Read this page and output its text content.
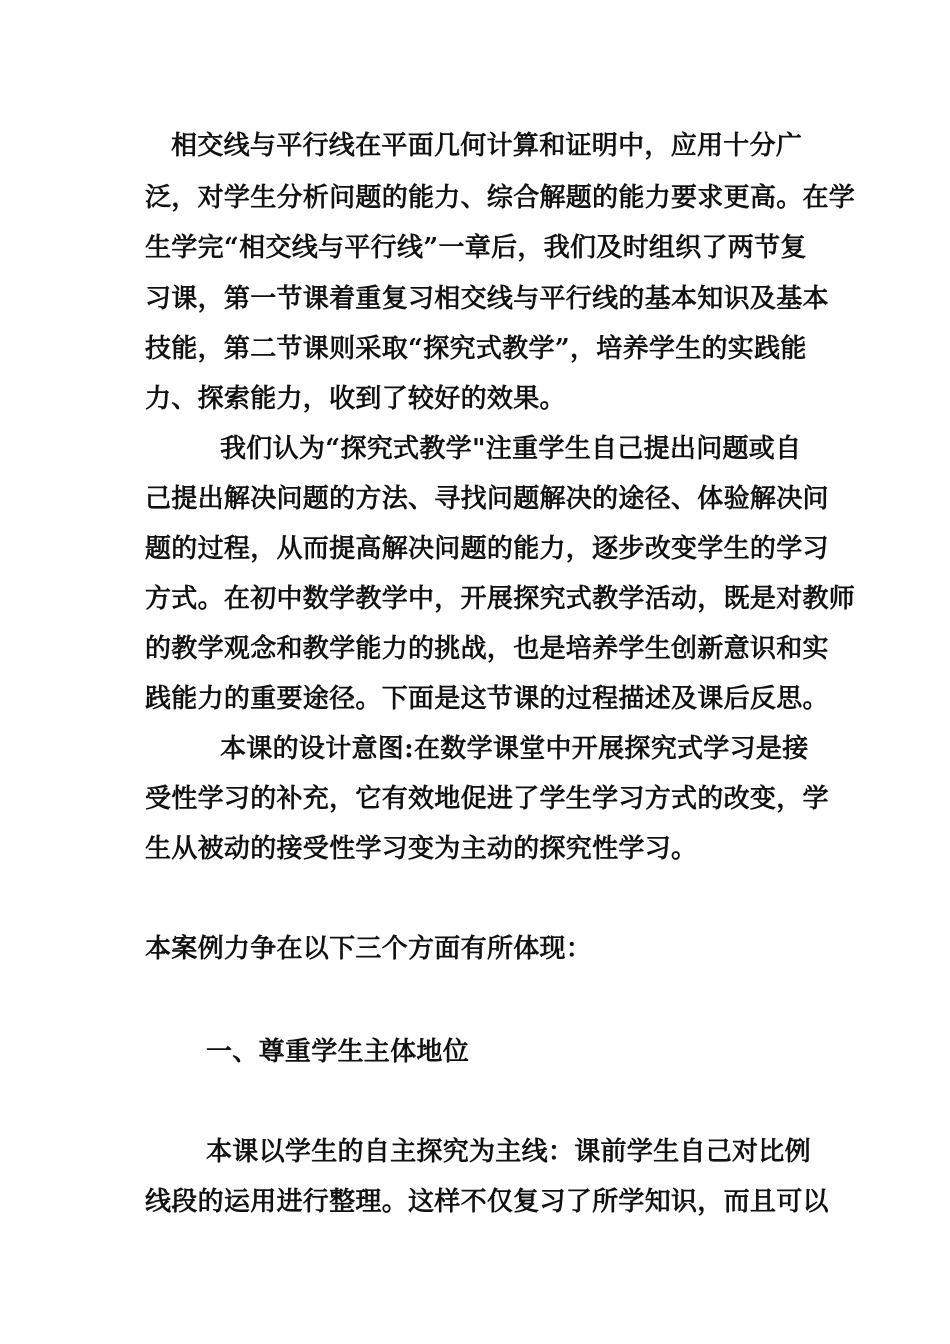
相交线与平行线在平面几何计算和证明中，应用十分广
泛，对学生分析问题的能力、综合解题的能力要求更高。在学
生学完“相交线与平行线”一章后，我们及时组织了两节复
习课，第一节课着重复习相交线与平行线的基本知识及基本
技能，第二节课则采取“探究式教学”，培养学生的实践能
力、探索能力，收到了较好的效果。
我们认为“探究式教学"注重学生自己提出问题或自
己提出解决问题的方法、寻找问题解决的途径、体验解决问
题的过程，从而提高解决问题的能力，逐步改变学生的学习
方式。在初中数学教学中，开展探究式教学活动，既是对教师
的教学观念和教学能力的挑战，也是培养学生创新意识和实
践能力的重要途径。下面是这节课的过程描述及课后反思。
本课的设计意图:在数学课堂中开展探究式学习是接
受性学习的补充，它有效地促进了学生学习方式的改变，学
生从被动的接受性学习变为主动的探究性学习。
本案例力争在以下三个方面有所体现：
一、尊重学生主体地位
本课以学生的自主探究为主线：课前学生自己对比例
线段的运用进行整理。这样不仅复习了所学知识，而且可以
